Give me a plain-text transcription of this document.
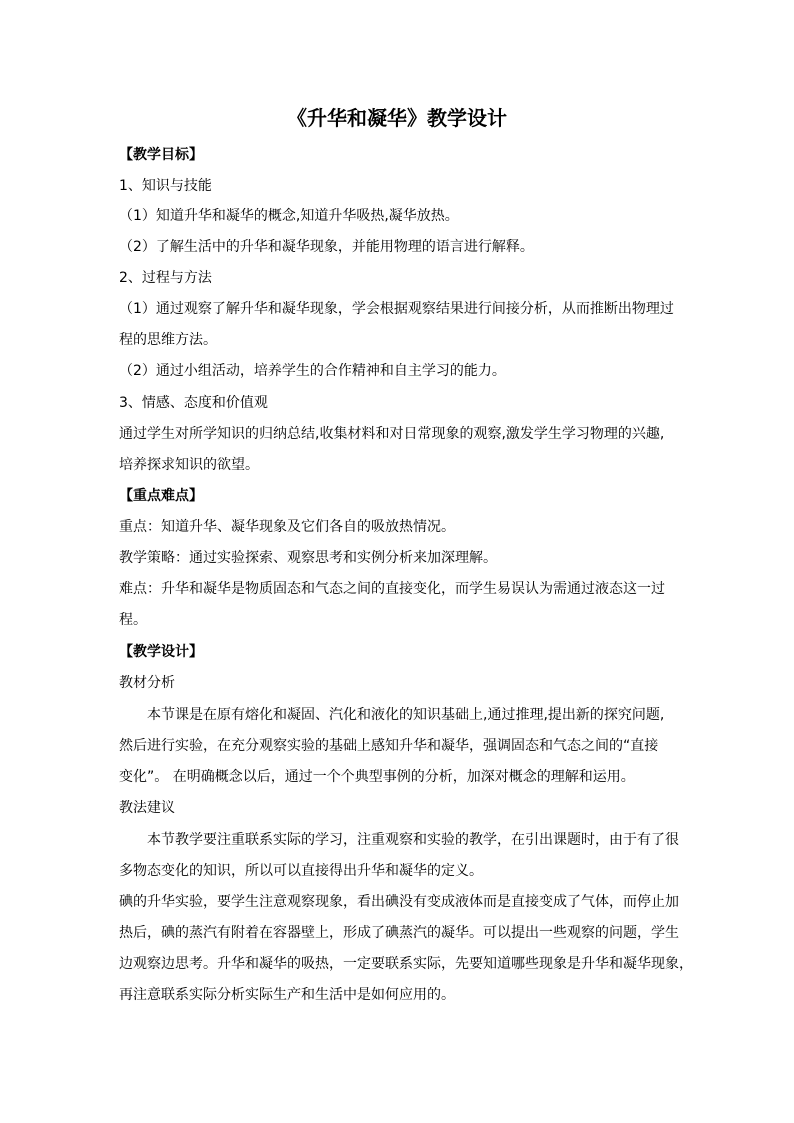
《升华和凝华》教学设计
【教学目标】
1、知识与技能
（1）知道升华和凝华的概念,知道升华吸热,凝华放热。
（2）了解生活中的升华和凝华现象，并能用物理的语言进行解释。
2、过程与方法
（1）通过观察了解升华和凝华现象，学会根据观察结果进行间接分析，从而推断出物理过
程的思维方法。
（2）通过小组活动，培养学生的合作精神和自主学习的能力。
3、情感、态度和价值观
通过学生对所学知识的归纳总结,收集材料和对日常现象的观察,激发学生学习物理的兴趣,
培养探求知识的欲望。
【重点难点】
重点：知道升华、凝华现象及它们各自的吸放热情况。
教学策略：通过实验探索、观察思考和实例分析来加深理解。
难点：升华和凝华是物质固态和气态之间的直接变化，而学生易误认为需通过液态这一过
程。
【教学设计】
教材分析
本节课是在原有熔化和凝固、汽化和液化的知识基础上,通过推理,提出新的探究问题,
然后进行实验，在充分观察实验的基础上感知升华和凝华，强调固态和气态之间的“直接
变化”。 在明确概念以后，通过一个个典型事例的分析，加深对概念的理解和运用。
教法建议
本节教学要注重联系实际的学习，注重观察和实验的教学，在引出课题时，由于有了很
多物态变化的知识，所以可以直接得出升华和凝华的定义。
碘的升华实验，要学生注意观察现象，看出碘没有变成液体而是直接变成了气体，而停止加
热后，碘的蒸汽有附着在容器壁上，形成了碘蒸汽的凝华。可以提出一些观察的问题，学生
边观察边思考。升华和凝华的吸热，一定要联系实际，先要知道哪些现象是升华和凝华现象，
再注意联系实际分析实际生产和生活中是如何应用的。
